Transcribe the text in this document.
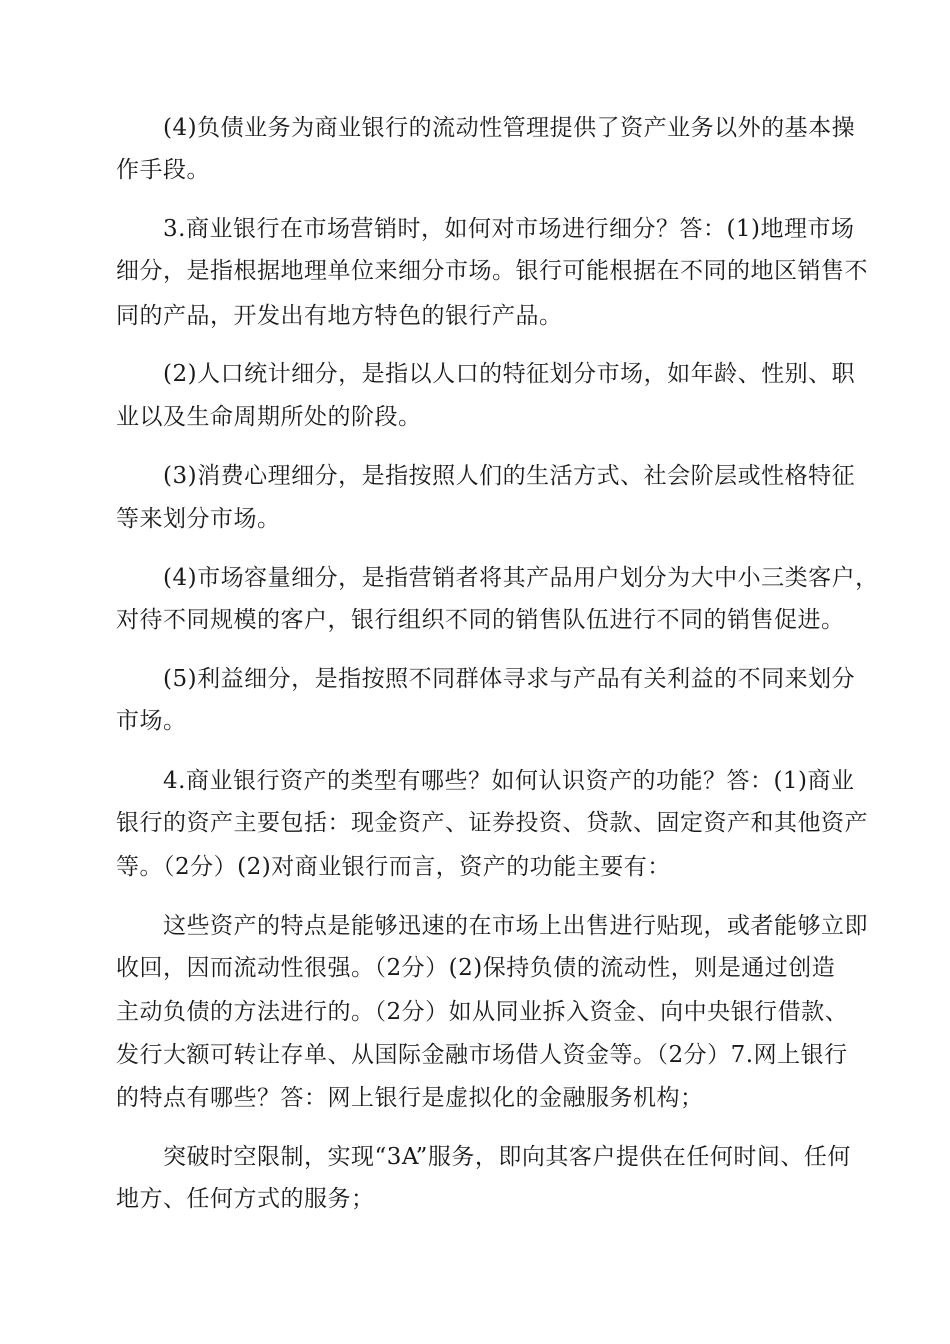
(4)负债业务为商业银行的流动性管理提供了资产业务以外的基本操

作手段。

3.商业银行在市场营销时，如何对市场进行细分？答：(1)地理市场

细分，是指根据地理单位来细分市场。银行可能根据在不同的地区销售不

同的产品，开发出有地方特色的银行产品。

(2)人口统计细分，是指以人口的特征划分市场，如年龄、性别、职

业以及生命周期所处的阶段。

(3)消费心理细分，是指按照人们的生活方式、社会阶层或性格特征

等来划分市场。

(4)市场容量细分，是指营销者将其产品用户划分为大中小三类客户，

对待不同规模的客户，银行组织不同的销售队伍进行不同的销售促进。

(5)利益细分，是指按照不同群体寻求与产品有关利益的不同来划分

市场。

4.商业银行资产的类型有哪些？如何认识资产的功能？答：(1)商业

银行的资产主要包括：现金资产、证券投资、贷款、固定资产和其他资产

等。（2分）(2)对商业银行而言，资产的功能主要有：

这些资产的特点是能够迅速的在市场上出售进行贴现，或者能够立即

收回，因而流动性很强。（2分）(2)保持负债的流动性，则是通过创造

主动负债的方法进行的。（2分）如从同业拆入资金、向中央银行借款、

发行大额可转让存单、从国际金融市场借人资金等。（2分）7.网上银行

的特点有哪些？答：网上银行是虚拟化的金融服务机构；

突破时空限制，实现“3A”服务，即向其客户提供在任何时间、任何

地方、任何方式的服务；
